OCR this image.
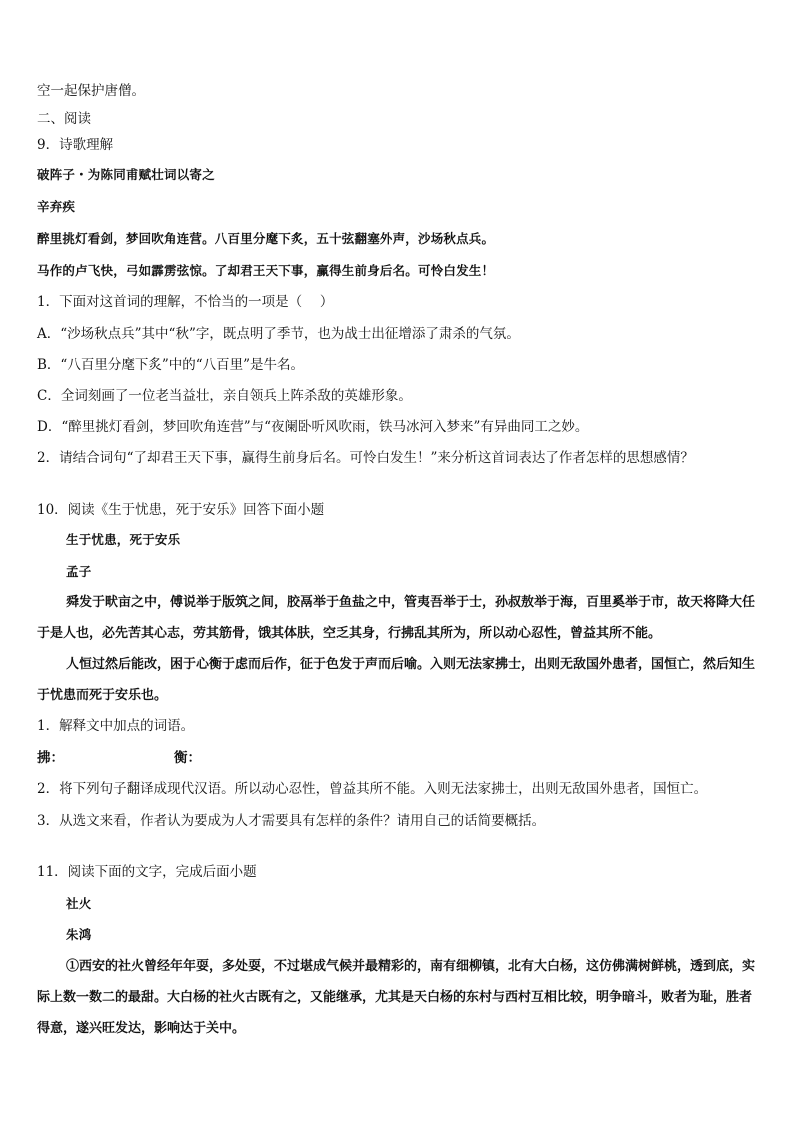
空一起保护唐僧。
二、阅读
9．诗歌理解
破阵子・为陈同甫赋壮词以寄之
辛弃疾
醉里挑灯看剑，梦回吹角连营。八百里分麾下炙，五十弦翻塞外声，沙场秋点兵。
马作的卢飞快，弓如霹雳弦惊。了却君王天下事，赢得生前身后名。可怜白发生！
1．下面对这首词的理解，不恰当的一项是（　 ）
A．“沙场秋点兵”其中“秋”字，既点明了季节，也为战士出征增添了肃杀的气氛。
B．“八百里分麾下炙”中的“八百里”是牛名。
C．全词刻画了一位老当益壮，亲自领兵上阵杀敌的英雄形象。
D．“醉里挑灯看剑，梦回吹角连营”与“夜阑卧听风吹雨，铁马冰河入梦来”有异曲同工之妙。
2．请结合词句“了却君王天下事，赢得生前身后名。可怜白发生！”来分析这首词表达了作者怎样的思想感情？
10．阅读《生于忧患，死于安乐》回答下面小题
生于忧患，死于安乐
孟子
舜发于畎亩之中，傅说举于版筑之间，胶鬲举于鱼盐之中，管夷吾举于士，孙叔敖举于海，百里奚举于市，故天将降大任于是人也，必先苦其心志，劳其筋骨，饿其体肤，空乏其身，行拂乱其所为，所以动心忍性，曾益其所不能。
人恒过然后能改，困于心衡于虑而后作，征于色发于声而后喻。入则无法家拂士，出则无敌国外患者，国恒亡，然后知生于忧患而死于安乐也。
1．解释文中加点的词语。
拂：	衡：
2．将下列句子翻译成现代汉语。所以动心忍性，曾益其所不能。入则无法家拂士，出则无敌国外患者，国恒亡。
3．从选文来看，作者认为要成为人才需要具有怎样的条件？请用自己的话简要概括。
11．阅读下面的文字，完成后面小题
社火
朱鸿
①西安的社火曾经年年耍，多处耍，不过堪成气候并最精彩的，南有细柳镇，北有大白杨，这仿佛满树鲜桃，透到底，实际上数一数二的最甜。大白杨的社火古既有之，又能继承，尤其是天白杨的东村与西村互相比较，明争暗斗，败者为耻，胜者得意，遂兴旺发达，影响达于关中。
